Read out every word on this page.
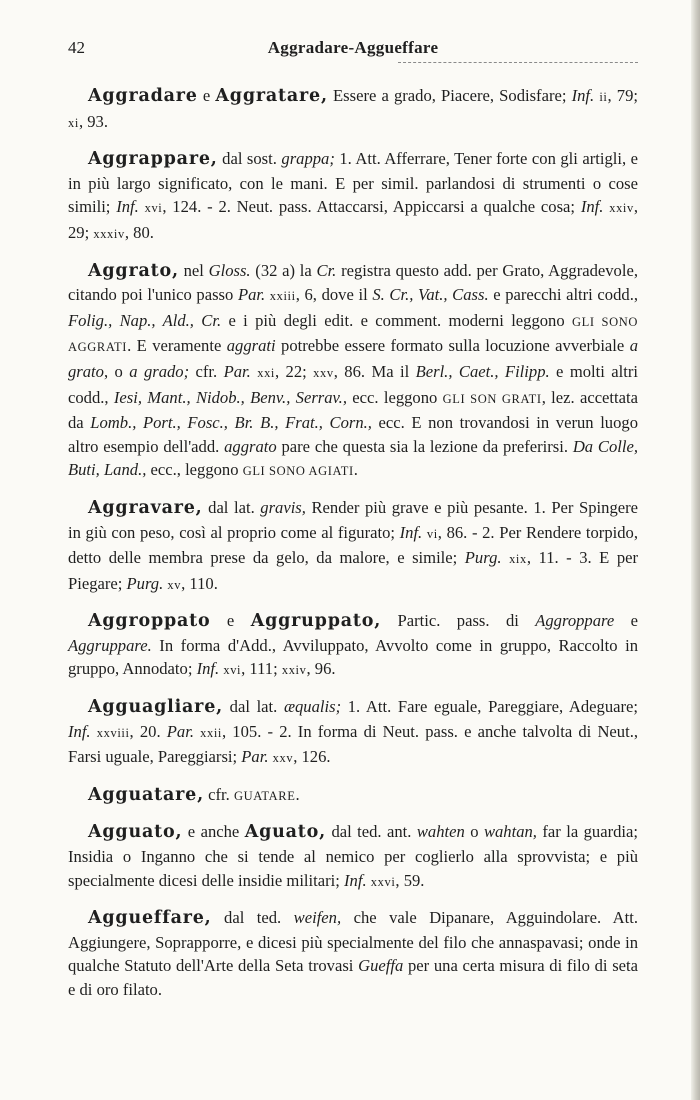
42	Aggradare-Aggueffare

Aggradare e Aggratare, Essere a grado, Piacere, Sodisfare; Inf. ii, 79; xi, 93.

Aggrappare, dal sost. grappa; 1. Att. Afferrare, Tener forte con gli artigli, e in più largo significato, con le mani. E per simil. parlandosi di strumenti o cose simili; Inf. xvi, 124. - 2. Neut. pass. Attaccarsi, Appiccarsi a qualche cosa; Inf. xxiv, 29; xxxiv, 80.

Aggrato, nel Gloss. (32 a) la Cr. registra questo add. per Grato, Aggradevole, citando poi l'unico passo Par. xxiii, 6, dove il S. Cr., Vat., Cass. e parecchi altri codd., Folig., Nap., Ald., Cr. e i più degli edit. e comment. moderni leggono GLI SONO AGGRATI. E veramente aggrati potrebbe essere formato sulla locuzione avverbiale a grato, o a grado; cfr. Par. xxi, 22; xxv, 86. Ma il Berl., Caet., Filipp. e molti altri codd., Iesi, Mant., Nidob., Benv., Serrav., ecc. leggono GLI SON GRATI, lez. accettata da Lomb., Port., Fosc., Br. B., Frat., Corn., ecc. E non trovandosi in verun luogo altro esempio dell'add. aggrato pare che questa sia la lezione da preferirsi. Da Colle, Buti, Land., ecc., leggono GLI SONO AGIATI.

Aggravare, dal lat. gravis, Render più grave e più pesante. 1. Per Spingere in giù con peso, così al proprio come al figurato; Inf. vi, 86. - 2. Per Rendere torpido, detto delle membra prese da gelo, da malore, e simile; Purg. xix, 11. - 3. E per Piegare; Purg. xv, 110.

Aggroppato e Aggruppato, Partic. pass. di Aggroppare e Aggruppare. In forma d'Add., Avviluppato, Avvolto come in gruppo, Raccolto in gruppo, Annodato; Inf. xvi, 111; xxiv, 96.

Agguagliare, dal lat. æqualis; 1. Att. Fare eguale, Pareggiare, Adeguare; Inf. xxviii, 20. Par. xxii, 105. - 2. In forma di Neut. pass. e anche talvolta di Neut., Farsi uguale, Pareggiarsi; Par. xxv, 126.

Agguatare, cfr. GUATARE.

Agguato, e anche Aguato, dal ted. ant. wahten o wahtan, far la guardia; Insidia o Inganno che si tende al nemico per coglierlo alla sprovvista; e più specialmente dicesi delle insidie militari; Inf. xxvi, 59.

Aggueffare, dal ted. weifen, che vale Dipanare, Agguindolare. Att. Aggiungere, Soprapporre, e dicesi più specialmente del filo che annaspavasi; onde in qualche Statuto dell'Arte della Seta trovasi Gueffa per una certa misura di filo di seta e di oro filato.
